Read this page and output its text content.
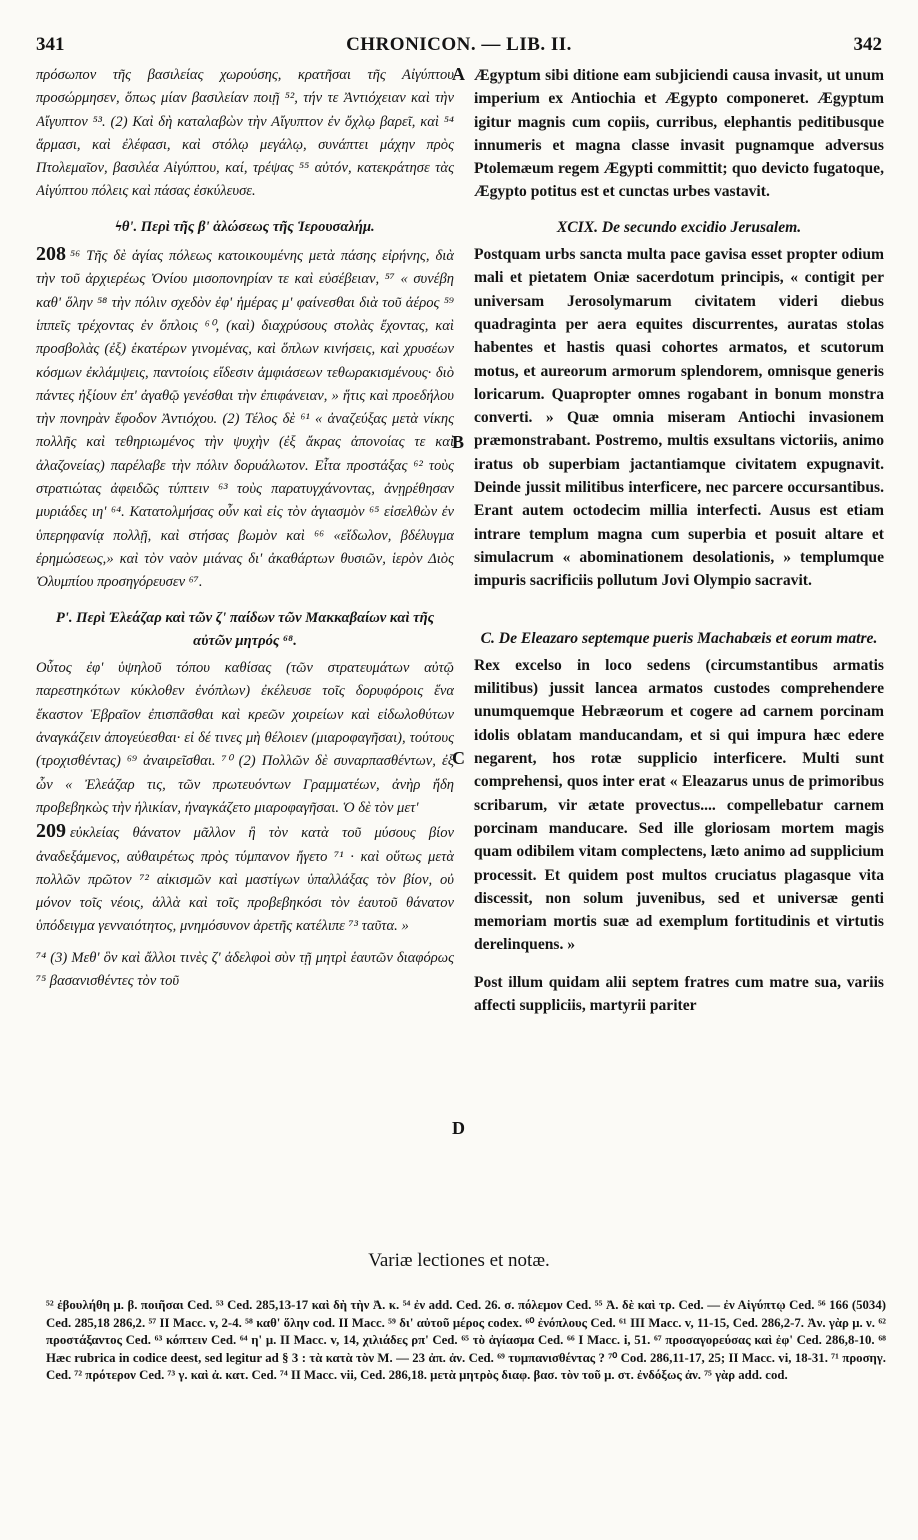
341	CHRONICON. — LIB. II.	342

πρόσωπον τῆς βασιλείας χωρούσης, κρατῆσαι τῆς Αἰγύπτου προσώρμησεν, ὅπως μίαν βασιλείαν ποιῇ ⁵², τήν τε Ἀντιόχειαν καὶ τὴν Αἴγυπτον ⁵³. (2) Καὶ δὴ καταλαβὼν τὴν Αἴγυπτον ἐν ὄχλῳ βαρεῖ, καὶ ⁵⁴ ἅρμασι, καὶ ἐλέφασι, καὶ στόλῳ μεγάλῳ, συνάπτει μάχην πρὸς Πτολεμαῖον, βασιλέα Αἰγύπτου, καί, τρέψας ⁵⁵ αὐτόν, κατεκράτησε τὰς Αἰγύπτου πόλεις καὶ πάσας ἐσκύλευσε.

ϟθ'. Περὶ τῆς β' ἁλώσεως τῆς Ἱερουσαλήμ.

208 ⁵⁶ Τῆς δὲ ἁγίας πόλεως κατοικουμένης μετὰ πάσης εἰρήνης, διὰ τὴν τοῦ ἀρχιερέως Ὀνίου μισοπονηρίαν τε καὶ εὐσέβειαν, ⁵⁷ « συνέβη καθ' ὅλην ⁵⁸ τὴν πόλιν σχεδὸν ἐφ' ἡμέρας μ' φαίνεσθαι διὰ τοῦ ἀέρος ⁵⁹ ἱππεῖς τρέχοντας ἐν ὅπλοις ⁶⁰, (καὶ) διαχρύσους στολὰς ἔχοντας, καὶ προσβολὰς (ἐξ) ἑκατέρων γινομένας, καὶ ὅπλων κινήσεις, καὶ χρυσέων κόσμων ἐκλάμψεις, παντοίοις εἴδεσιν ἀμφιάσεων τεθωρακισμένους· διὸ πάντες ἠξίουν ἐπ' ἀγαθῷ γενέσθαι τὴν ἐπιφάνειαν, » ἥτις καὶ προεδήλου τὴν πονηρὰν ἔφοδον Ἀντιόχου. (2) Τέλος δὲ ⁶¹ « ἀναζεύξας μετὰ νίκης πολλῆς καὶ τεθηριωμένος τὴν ψυχὴν (ἐξ ἄκρας ἀπονοίας τε καὶ ἀλαζονείας) παρέλαβε τὴν πόλιν δορυάλωτον. Εἶτα προστάξας ⁶² τοὺς στρατιώτας ἀφειδῶς τύπτειν ⁶³ τοὺς παρατυγχάνοντας, ἀνῃρέθησαν μυριάδες ιη' ⁶⁴. Κατατολμήσας οὖν καὶ εἰς τὸν ἁγιασμὸν ⁶⁵ εἰσελθὼν ἐν ὑπερηφανίᾳ πολλῇ, καὶ στήσας βωμὸν καὶ ⁶⁶ «εἴδωλον, βδέλυγμα ἐρημώσεως,» καὶ τὸν ναὸν μιάνας δι' ἀκαθάρτων θυσιῶν, ἱερὸν Διὸς Ὀλυμπίου προσηγόρευσεν ⁶⁷.

Ρ'. Περὶ Ἐλεάζαρ καὶ τῶν ζ' παίδων τῶν Μακκαβαίων καὶ τῆς αὐτῶν μητρός ⁶⁸.

Οὗτος ἐφ' ὑψηλοῦ τόπου καθίσας (τῶν στρατευμάτων αὐτῷ παρεστηκότων κύκλοθεν ἐνόπλων) ἐκέλευσε τοῖς δορυφόροις ἕνα ἕκαστον Ἑβραῖον ἐπισπᾶσθαι καὶ κρεῶν χοιρείων καὶ εἰδωλοθύτων ἀναγκάζειν ἀπογεύεσθαι· εἰ δέ τινες μὴ θέλοιεν (μιαροφαγῆσαι), τούτους (τροχισθέντας) ⁶⁹ ἀναιρεῖσθαι. ⁷⁰ (2) Πολλῶν δὲ συναρπασθέντων, ἐξ ὧν « Ἐλεάζαρ τις, τῶν πρωτευόντων Γραμματέων, ἀνὴρ ἤδη προβεβηκὼς τὴν ἡλικίαν, ἠναγκάζετο μιαροφαγῆσαι. Ὁ δὲ τὸν μετ'

209 εὐκλείας θάνατον μᾶλλον ἢ τὸν κατὰ τοῦ μύσους βίον ἀναδεξάμενος, αὐθαιρέτως πρὸς τύμπανον ἤγετο ⁷¹ · καὶ οὕτως μετὰ πολλῶν πρῶτον ⁷² αἰκισμῶν καὶ μαστίγων ὑπαλλάξας τὸν βίον, οὐ μόνον τοῖς νέοις, ἀλλὰ καὶ τοῖς προβεβηκόσι τὸν ἑαυτοῦ θάνατον ὑπόδειγμα γενναιότητος, μνημόσυνον ἀρετῆς κατέλιπε ⁷³ ταῦτα. »

⁷⁴ (3) Μεθ' ὃν καὶ ἄλλοι τινὲς ζ' ἀδελφοὶ σὺν τῇ μητρὶ ἑαυτῶν διαφόρως ⁷⁵ βασανισθέντες τὸν τοῦ

A
B
C
D

Ægyptum sibi ditione eam subjiciendi causa invasit, ut unum imperium ex Antiochia et Ægypto componeret. Ægyptum igitur magnis cum copiis, curribus, elephantis peditibusque innumeris et magna classe invasit pugnamque adversus Ptolemæum regem Ægypti committit; quo devicto fugatoque, Ægypto potitus est et cunctas urbes vastavit.

XCIX. De secundo excidio Jerusalem.

Postquam urbs sancta multa pace gavisa esset propter odium mali et pietatem Oniæ sacerdotum principis, « contigit per universam Jerosolymarum civitatem videri diebus quadraginta per aera equites discurrentes, auratas stolas habentes et hastis quasi cohortes armatos, et scutorum motus, et aureorum armorum splendorem, omnisque generis loricarum. Quapropter omnes rogabant in bonum monstra converti. » Quæ omnia miseram Antiochi invasionem præmonstrabant. Postremo, multis exsultans victoriis, animo iratus ob superbiam jactantiamque civitatem expugnavit. Deinde jussit militibus interficere, nec parcere occursantibus. Erant autem octodecim millia interfecti. Ausus est etiam intrare templum magna cum superbia et posuit altare et simulacrum « abominationem desolationis, » templumque impuris sacrificiis pollutum Jovi Olympio sacravit.

C. De Eleazaro septemque pueris Machabæis et eorum matre.

Rex excelso in loco sedens (circumstantibus armatis militibus) jussit lancea armatos custodes comprehendere unumquemque Hebræorum et cogere ad carnem porcinam idolis oblatam manducandam, et si qui impura hæc edere negarent, hos rotæ supplicio interficere. Multi sunt comprehensi, quos inter erat « Eleazarus unus de primoribus scribarum, vir ætate provectus.... compellebatur carnem porcinam manducare. Sed ille gloriosam mortem magis quam odibilem vitam complectens, læto animo ad supplicium processit. Et quidem post multos cruciatus plagasque vita discessit, non solum juvenibus, sed et universæ genti memoriam mortis suæ ad exemplum fortitudinis et virtutis derelinquens. »

Post illum quidam alii septem fratres cum matre sua, variis affecti suppliciis, martyrii pariter

Variæ lectiones et notæ.
⁵² ἐβουλήθη μ. β. ποιῆσαι Ced. ⁵³ Ced. 285,13-17 καὶ δὴ τὴν Ἀ. κ. ⁵⁴ ἐν add. Ced. 26. σ. πόλεμον Ced. ⁵⁵ Ἀ. δὲ καὶ τρ. Ced. — ἐν Αἰγύπτῳ Ced. ⁵⁶ 166 (5034) Ced. 285,18 286,2. ⁵⁷ II Macc. v, 2-4. ⁵⁸ καθ' ὅλην cod. II Macc. ⁵⁹ δι' αὐτοῦ μέρος codex. ⁶⁰ ἐνόπλους Ced. ⁶¹ III Macc. v, 11-15, Ced. 286,2-7. Ἀν. γὰρ μ. ν. ⁶² προστάξαντος Ced. ⁶³ κόπτειν Ced. ⁶⁴ η' μ. II Macc. v, 14, χιλιάδες ρπ' Ced. ⁶⁵ τὸ ἁγίασμα Ced. ⁶⁶ I Macc. i, 51. ⁶⁷ προσαγορεύσας καὶ ἐφ' Ced. 286,8-10. ⁶⁸ Hæc rubrica in codice deest, sed legitur ad § 3 : τὰ κατὰ τὸν Μ. — 23 ἀπ. ἀν. Ced. ⁶⁹ τυμπανισθέντας ? ⁷⁰ Cod. 286,11-17, 25; II Macc. vi, 18-31. ⁷¹ προσηγ. Ced. ⁷² πρότερον Ced. ⁷³ γ. καὶ ἀ. κατ. Ced. ⁷⁴ II Macc. vii, Ced. 286,18. μετὰ μητρὸς διαφ. βασ. τὸν τοῦ μ. στ. ἐνδόξως ἀν. ⁷⁵ γὰρ add. cod.
